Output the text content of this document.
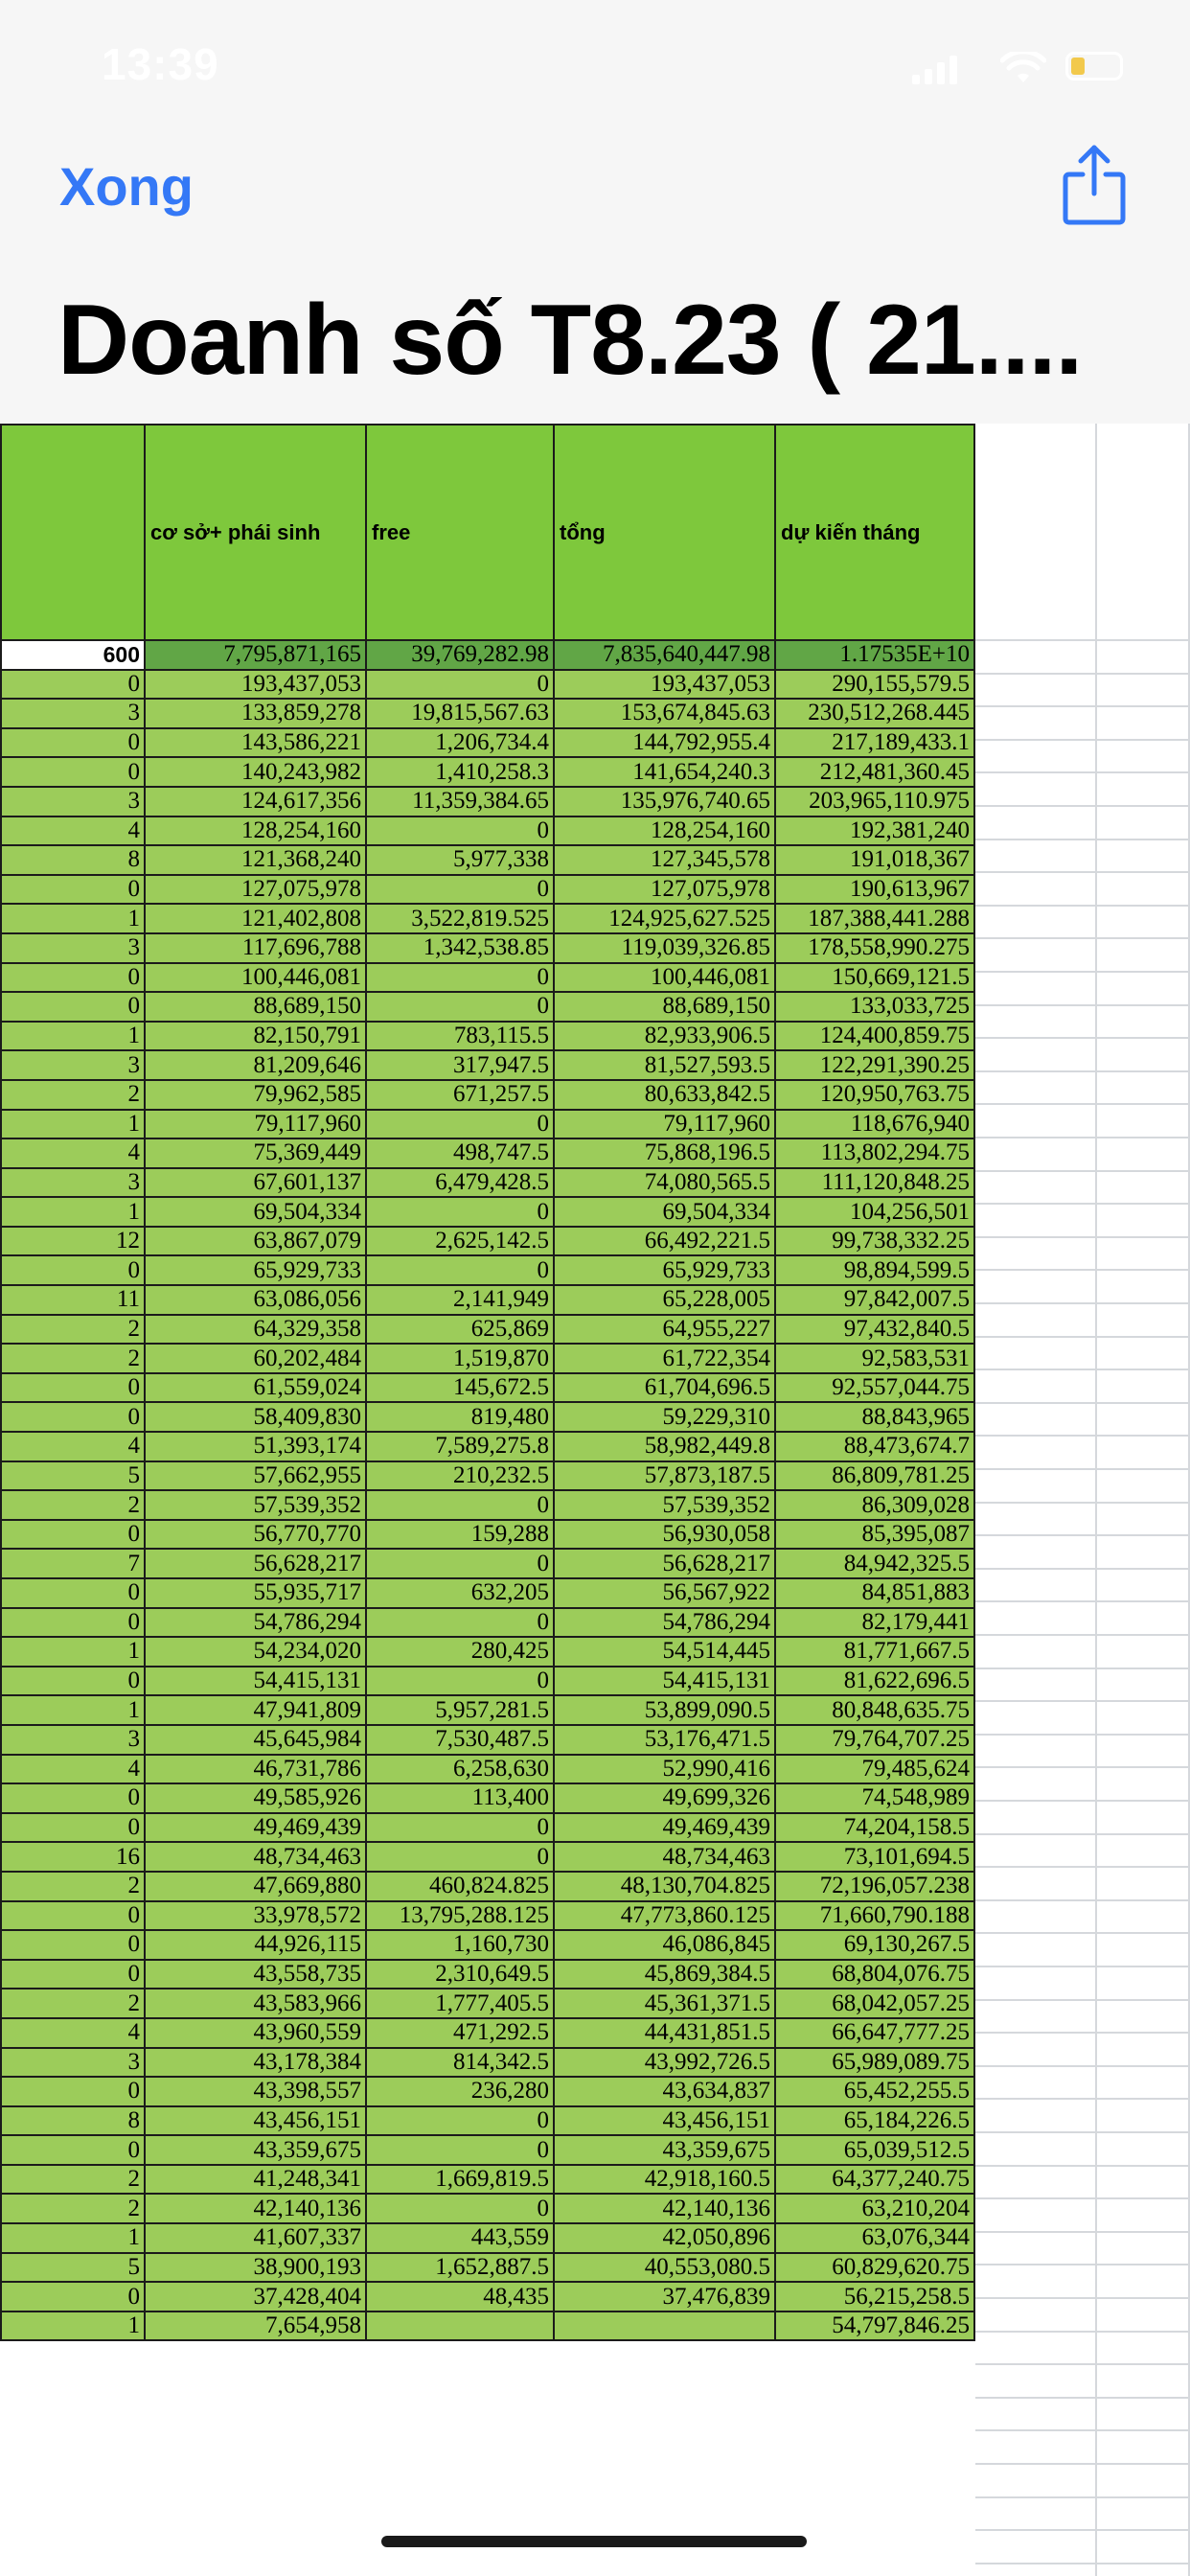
13:39
Xong
Doanh số T8.23 ( 21....
	cơ sở+ phái sinh	free	tổng	dự kiến tháng
600	7,795,871,165	39,769,282.98	7,835,640,447.98	1.17535E+10
0	193,437,053	0	193,437,053	290,155,579.5
3	133,859,278	19,815,567.63	153,674,845.63	230,512,268.445
0	143,586,221	1,206,734.4	144,792,955.4	217,189,433.1
0	140,243,982	1,410,258.3	141,654,240.3	212,481,360.45
3	124,617,356	11,359,384.65	135,976,740.65	203,965,110.975
4	128,254,160	0	128,254,160	192,381,240
8	121,368,240	5,977,338	127,345,578	191,018,367
0	127,075,978	0	127,075,978	190,613,967
1	121,402,808	3,522,819.525	124,925,627.525	187,388,441.288
3	117,696,788	1,342,538.85	119,039,326.85	178,558,990.275
0	100,446,081	0	100,446,081	150,669,121.5
0	88,689,150	0	88,689,150	133,033,725
1	82,150,791	783,115.5	82,933,906.5	124,400,859.75
3	81,209,646	317,947.5	81,527,593.5	122,291,390.25
2	79,962,585	671,257.5	80,633,842.5	120,950,763.75
1	79,117,960	0	79,117,960	118,676,940
4	75,369,449	498,747.5	75,868,196.5	113,802,294.75
3	67,601,137	6,479,428.5	74,080,565.5	111,120,848.25
1	69,504,334	0	69,504,334	104,256,501
12	63,867,079	2,625,142.5	66,492,221.5	99,738,332.25
0	65,929,733	0	65,929,733	98,894,599.5
11	63,086,056	2,141,949	65,228,005	97,842,007.5
2	64,329,358	625,869	64,955,227	97,432,840.5
2	60,202,484	1,519,870	61,722,354	92,583,531
0	61,559,024	145,672.5	61,704,696.5	92,557,044.75
0	58,409,830	819,480	59,229,310	88,843,965
4	51,393,174	7,589,275.8	58,982,449.8	88,473,674.7
5	57,662,955	210,232.5	57,873,187.5	86,809,781.25
2	57,539,352	0	57,539,352	86,309,028
0	56,770,770	159,288	56,930,058	85,395,087
7	56,628,217	0	56,628,217	84,942,325.5
0	55,935,717	632,205	56,567,922	84,851,883
0	54,786,294	0	54,786,294	82,179,441
1	54,234,020	280,425	54,514,445	81,771,667.5
0	54,415,131	0	54,415,131	81,622,696.5
1	47,941,809	5,957,281.5	53,899,090.5	80,848,635.75
3	45,645,984	7,530,487.5	53,176,471.5	79,764,707.25
4	46,731,786	6,258,630	52,990,416	79,485,624
0	49,585,926	113,400	49,699,326	74,548,989
0	49,469,439	0	49,469,439	74,204,158.5
16	48,734,463	0	48,734,463	73,101,694.5
2	47,669,880	460,824.825	48,130,704.825	72,196,057.238
0	33,978,572	13,795,288.125	47,773,860.125	71,660,790.188
0	44,926,115	1,160,730	46,086,845	69,130,267.5
0	43,558,735	2,310,649.5	45,869,384.5	68,804,076.75
2	43,583,966	1,777,405.5	45,361,371.5	68,042,057.25
4	43,960,559	471,292.5	44,431,851.5	66,647,777.25
3	43,178,384	814,342.5	43,992,726.5	65,989,089.75
0	43,398,557	236,280	43,634,837	65,452,255.5
8	43,456,151	0	43,456,151	65,184,226.5
0	43,359,675	0	43,359,675	65,039,512.5
2	41,248,341	1,669,819.5	42,918,160.5	64,377,240.75
2	42,140,136	0	42,140,136	63,210,204
1	41,607,337	443,559	42,050,896	63,076,344
5	38,900,193	1,652,887.5	40,553,080.5	60,829,620.75
0	37,428,404	48,435	37,476,839	56,215,258.5
1	7,654,958			54,797,846.25
